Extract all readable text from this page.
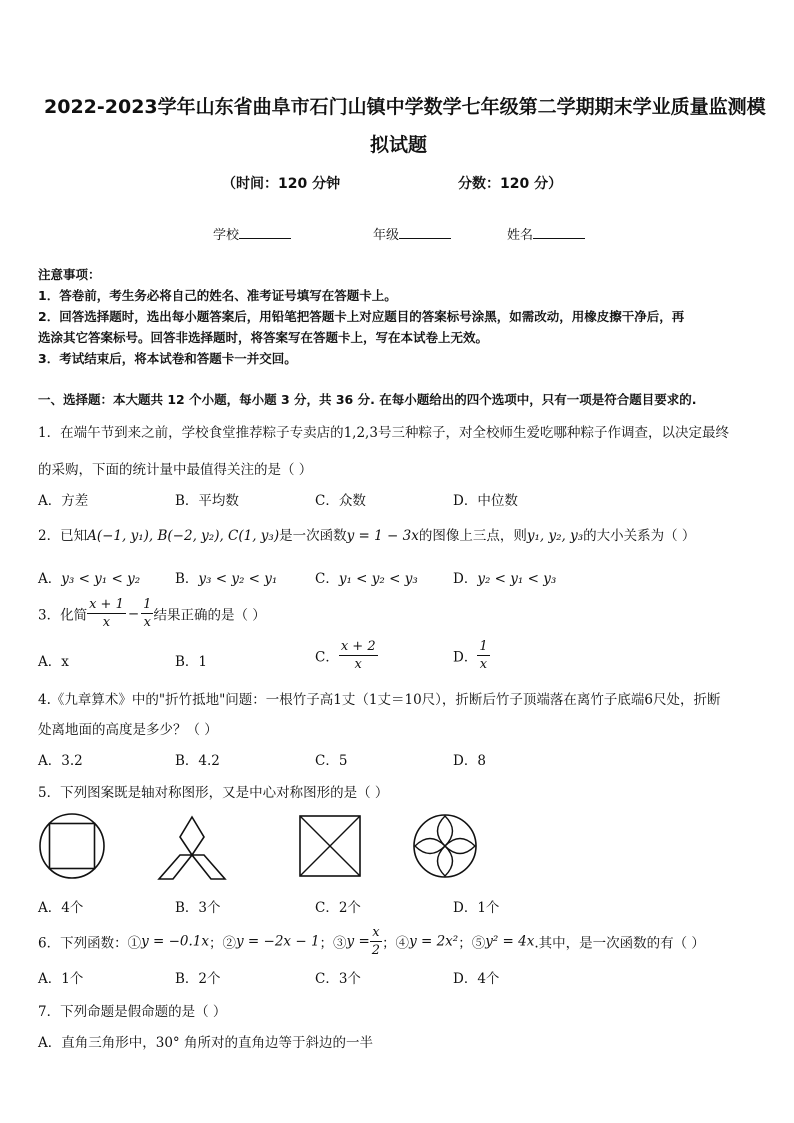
2022-2023学年山东省曲阜市石门山镇中学数学七年级第二学期期末学业质量监测模
拟试题
（时间：120 分钟	分数：120 分）
学校	年级	姓名
注意事项：
1．答卷前，考生务必将自己的姓名、准考证号填写在答题卡上。
2．回答选择题时，选出每小题答案后，用铅笔把答题卡上对应题目的答案标号涂黑，如需改动，用橡皮擦干净后，再
选涂其它答案标号。回答非选择题时，将答案写在答题卡上，写在本试卷上无效。
3．考试结束后，将本试卷和答题卡一并交回。
一、选择题：本大题共 12 个小题，每小题 3 分，共 36 分. 在每小题给出的四个选项中，只有一项是符合题目要求的.
1．在端午节到来之前，学校食堂推荐粽子专卖店的1,2,3号三种粽子，对全校师生爱吃哪种粽子作调查，以决定最终
的采购，下面的统计量中最值得关注的是（ ）
A．方差	B．平均数	C．众数	D．中位数
2．已知A(−1, y₁), B(−2, y₂), C(1, y₃)是一次函数y = 1 − 3x的图像上三点，则y₁, y₂, y₃的大小关系为（ ）
A．y₃ < y₁ < y₂	B．y₃ < y₂ < y₁	C．y₁ < y₂ < y₃	D．y₂ < y₁ < y₃
3．化简 $\frac{x + 1}{x} - \frac{1}{x}$ 结果正确的是（ ）
A．x	B．1	C． $\frac{x + 2}{x}$	D． $\frac{1}{x}$
4.《九章算术》中的"折竹抵地"问题：一根竹子高1丈（1丈＝10尺），折断后竹子顶端落在离竹子底端6尺处，折断
处离地面的高度是多少？（ ）
A．3.2	B．4.2	C．5	D．8
5．下列图案既是轴对称图形，又是中心对称图形的是（ ）
A．4个	B．3个	C．2个	D．1个
6．下列函数：①y = −0.1x；②y = −2x − 1；③y = $\frac{x}{2}$ ；④y = 2x²；⑤y² = 4x.其中，是一次函数的有（ ）
A．1个	B．2个	C．3个	D．4个
7．下列命题是假命题的是（ ）
A．直角三角形中，30° 角所对的直角边等于斜边的一半
